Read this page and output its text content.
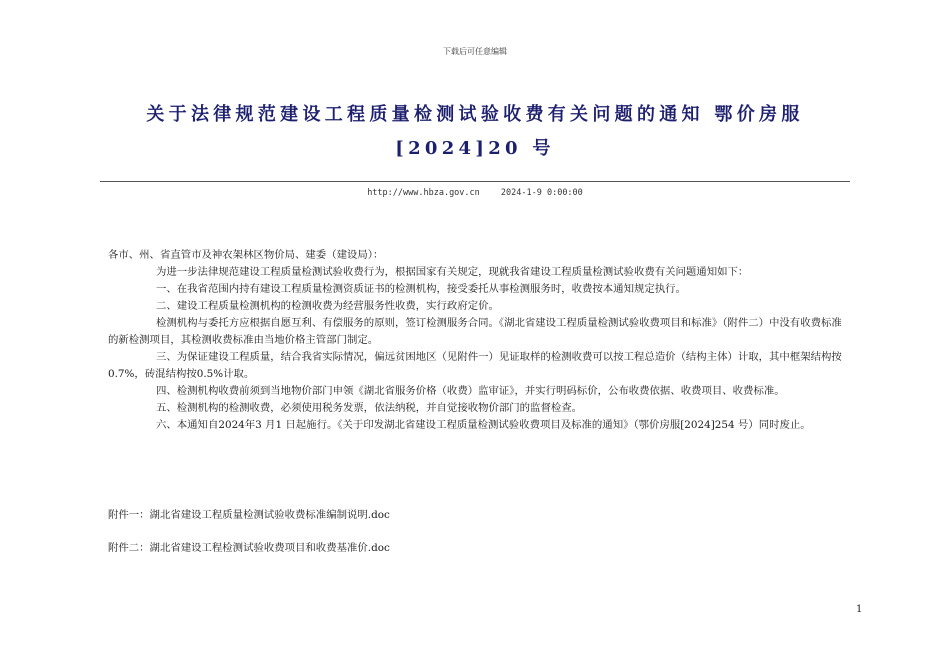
下载后可任意编辑
关于法律规范建设工程质量检测试验收费有关问题的通知 鄂价房服[2024]20 号
http://www.hbza.gov.cn 2024-1-9 0:00:00

各市、州、省直管市及神农架林区物价局、建委（建设局）：

为进一步法律规范建设工程质量检测试验收费行为，根据国家有关规定，现就我省建设工程质量检测试验收费有关问题通知如下：

一、在我省范围内持有建设工程质量检测资质证书的检测机构，接受委托从事检测服务时，收费按本通知规定执行。

二、建设工程质量检测机构的检测收费为经营服务性收费，实行政府定价。

检测机构与委托方应根据自愿互利、有偿服务的原则，签订检测服务合同。《湖北省建设工程质量检测试验收费项目和标准》（附件二）中没有收费标准的新检测项目，其检测收费标准由当地价格主管部门制定。

三、为保证建设工程质量，结合我省实际情况，偏远贫困地区（见附件一）见证取样的检测收费可以按工程总造价（结构主体）计取，其中框架结构按0.7%，砖混结构按0.5%计取。

四、检测机构收费前须到当地物价部门申领《湖北省服务价格（收费）监审证》，并实行明码标价，公布收费依据、收费项目、收费标准。

五、检测机构的检测收费，必须使用税务发票，依法纳税，并自觉接收物价部门的监督检查。

六、本通知自2024年3 月1 日起施行。《关于印发湖北省建设工程质量检测试验收费项目及标准的通知》（鄂价房服[2024]254 号）同时废止。

附件一：湖北省建设工程质量检测试验收费标准编制说明.doc
附件二：湖北省建设工程检测试验收费项目和收费基准价.doc
1
